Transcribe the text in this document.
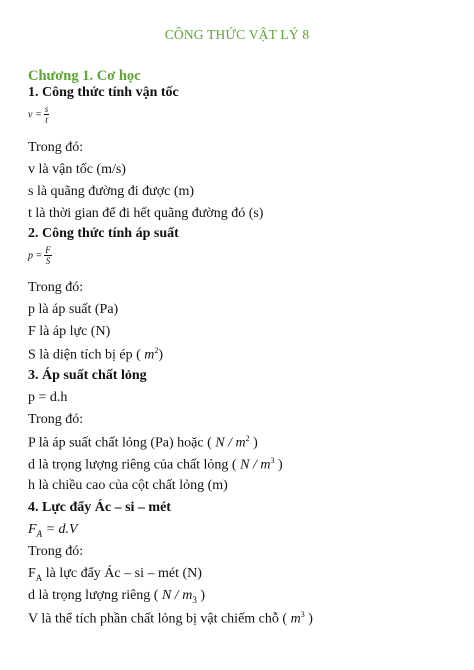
CÔNG THỨC VẬT LÝ 8
Chương 1. Cơ học
1. Công thức tính vận tốc
$v = \frac{s}{t}$
Trong đó:
v là vận tốc (m/s)
s là quãng đường đi được (m)
t là thời gian để đi hết quãng đường đó (s)
2. Công thức tính áp suất
$p = \frac{F}{S}$
Trong đó:
p là áp suất (Pa)
F là áp lực (N)
S là diện tích bị ép ( $m^2$)
3. Áp suất chất lỏng
p = d.h
Trong đó:
P là áp suất chất lỏng (Pa) hoặc ( N / $m^2$ )
d là trọng lượng riêng của chất lỏng ( N / $m^3$ )
h là chiều cao của cột chất lỏng (m)
4. Lực đẩy Ác – si – mét
$F_A = d.V$
Trong đó:
$F_A$ là lực đẩy Ác – si – mét (N)
d là trọng lượng riêng ( N / $m_3$ )
V là thể tích phần chất lỏng bị vật chiếm chỗ ( $m^3$ )
